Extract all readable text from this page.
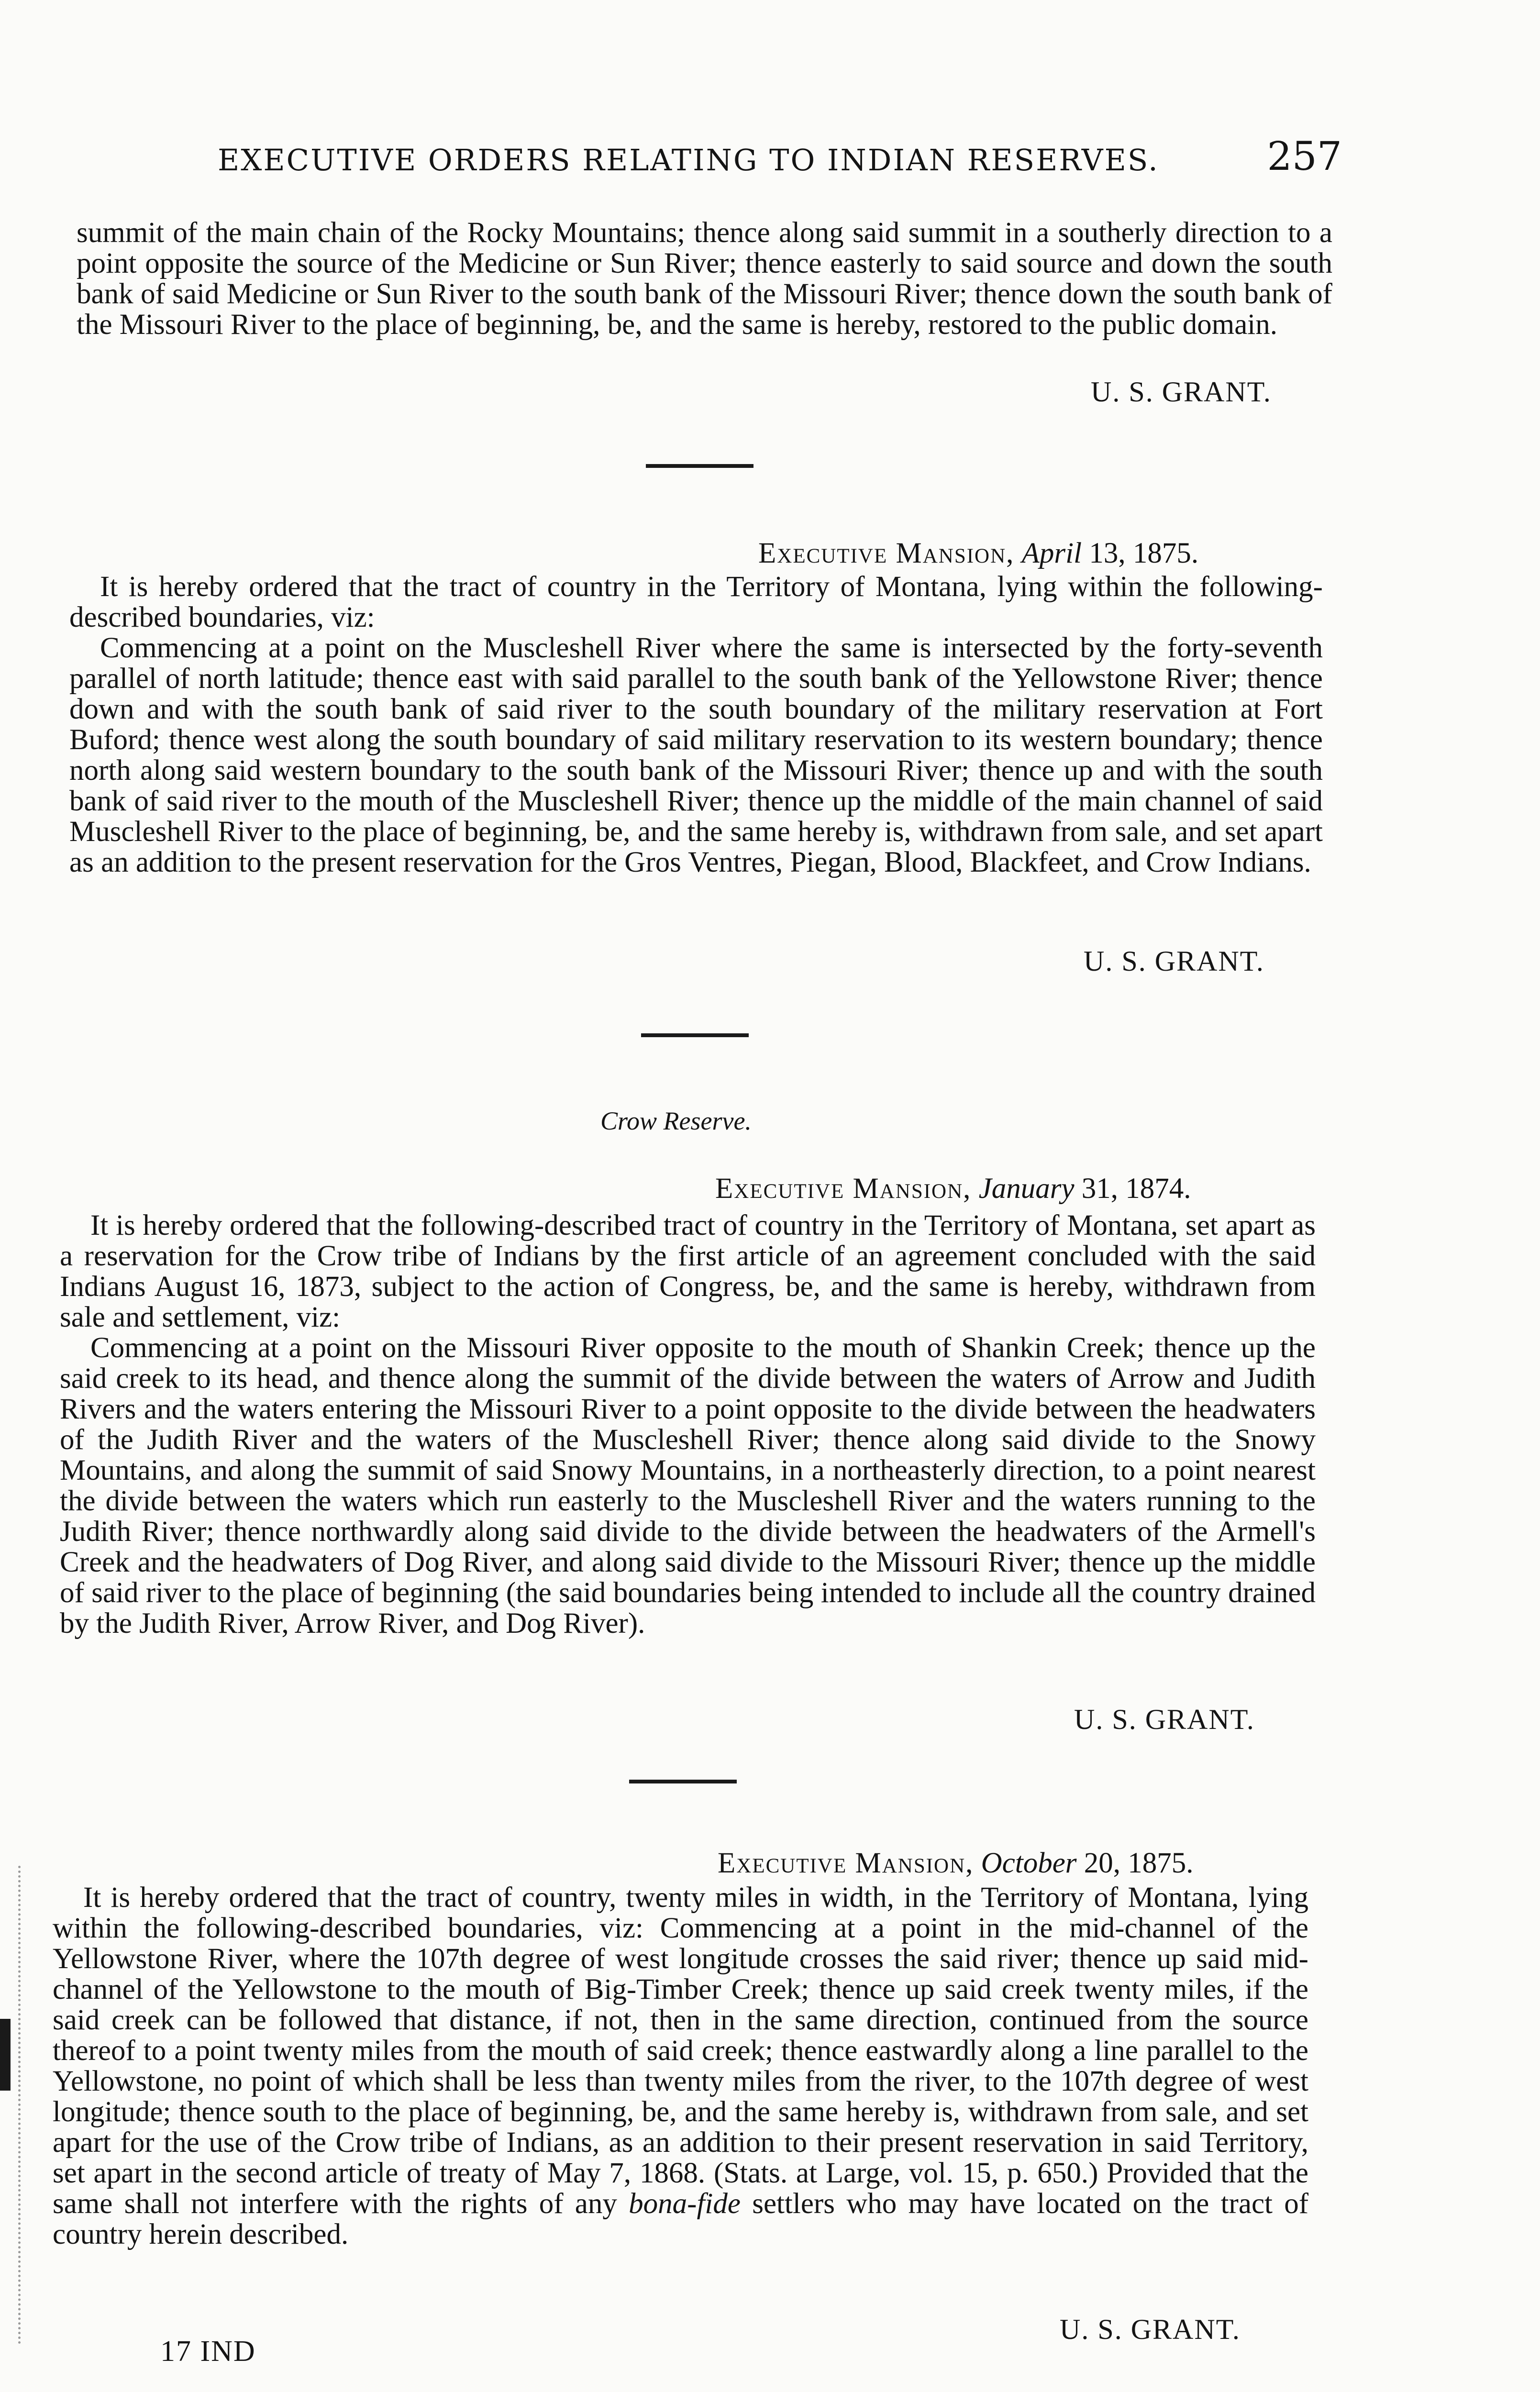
EXECUTIVE ORDERS RELATING TO INDIAN RESERVES.	257

summit of the main chain of the Rocky Mountains; thence along said summit in a southerly direction to a point opposite the source of the Medicine or Sun River; thence easterly to said source and down the south bank of said Medicine or Sun River to the south bank of the Missouri River; thence down the south bank of the Missouri River to the place of beginning, be, and the same is hereby, restored to the public domain.

U. S. GRANT.
Executive Mansion, April 13, 1875.

It is hereby ordered that the tract of country in the Territory of Montana, lying within the following-described boundaries, viz:

Commencing at a point on the Muscleshell River where the same is intersected by the forty-seventh parallel of north latitude; thence east with said parallel to the south bank of the Yellowstone River; thence down and with the south bank of said river to the south boundary of the military reservation at Fort Buford; thence west along the south boundary of said military reservation to its western boundary; thence north along said western boundary to the south bank of the Missouri River; thence up and with the south bank of said river to the mouth of the Muscleshell River; thence up the middle of the main channel of said Muscleshell River to the place of beginning, be, and the same hereby is, withdrawn from sale, and set apart as an addition to the present reservation for the Gros Ventres, Piegan, Blood, Blackfeet, and Crow Indians.

U. S. GRANT.
Crow Reserve.
Executive Mansion, January 31, 1874.

It is hereby ordered that the following-described tract of country in the Territory of Montana, set apart as a reservation for the Crow tribe of Indians by the first article of an agreement concluded with the said Indians August 16, 1873, subject to the action of Congress, be, and the same is hereby, withdrawn from sale and settlement, viz:

Commencing at a point on the Missouri River opposite to the mouth of Shankin Creek; thence up the said creek to its head, and thence along the summit of the divide between the waters of Arrow and Judith Rivers and the waters entering the Missouri River to a point opposite to the divide between the headwaters of the Judith River and the waters of the Muscleshell River; thence along said divide to the Snowy Mountains, and along the summit of said Snowy Mountains, in a northeasterly direction, to a point nearest the divide between the waters which run easterly to the Muscleshell River and the waters running to the Judith River; thence northwardly along said divide to the divide between the headwaters of the Armell's Creek and the headwaters of Dog River, and along said divide to the Missouri River; thence up the middle of said river to the place of beginning (the said boundaries being intended to include all the country drained by the Judith River, Arrow River, and Dog River).

U. S. GRANT.
Executive Mansion, October 20, 1875.

It is hereby ordered that the tract of country, twenty miles in width, in the Territory of Montana, lying within the following-described boundaries, viz: Commencing at a point in the mid-channel of the Yellowstone River, where the 107th degree of west longitude crosses the said river; thence up said mid-channel of the Yellowstone to the mouth of Big-Timber Creek; thence up said creek twenty miles, if the said creek can be followed that distance, if not, then in the same direction, continued from the source thereof to a point twenty miles from the mouth of said creek; thence eastwardly along a line parallel to the Yellowstone, no point of which shall be less than twenty miles from the river, to the 107th degree of west longitude; thence south to the place of beginning, be, and the same hereby is, withdrawn from sale, and set apart for the use of the Crow tribe of Indians, as an addition to their present reservation in said Territory, set apart in the second article of treaty of May 7, 1868. (Stats. at Large, vol. 15, p. 650.) Provided that the same shall not interfere with the rights of any bona-fide settlers who may have located on the tract of country herein described.

U. S. GRANT.
17 IND
